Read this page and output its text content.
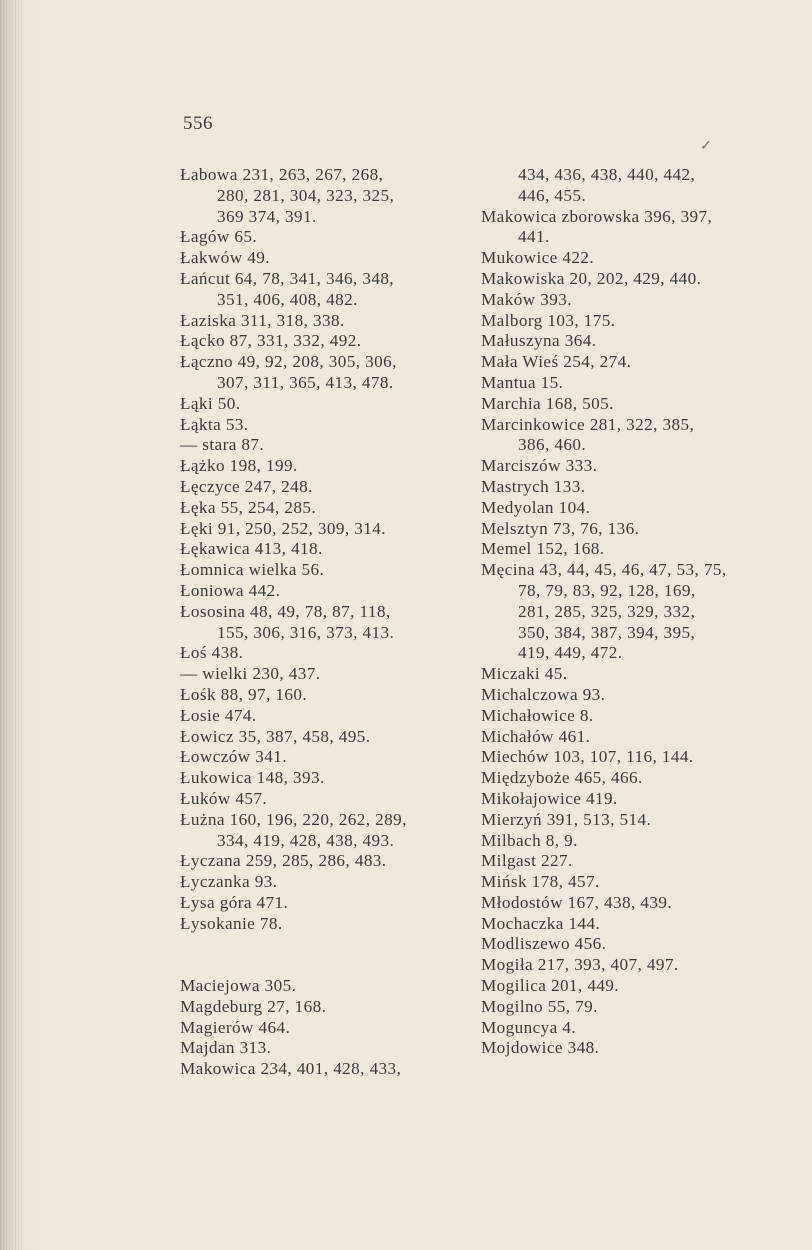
556
✓
Łabowa 231, 263, 267, 268,
280, 281, 304, 323, 325,
369 374, 391.
Łagów 65.
Łakwów 49.
Łańcut 64, 78, 341, 346, 348,
351, 406, 408, 482.
Łaziska 311, 318, 338.
Łącko 87, 331, 332, 492.
Łączno 49, 92, 208, 305, 306,
307, 311, 365, 413, 478.
Łąki 50.
Łąkta 53.
— stara 87.
Łążko 198, 199.
Łęczyce 247, 248.
Łęka 55, 254, 285.
Łęki 91, 250, 252, 309, 314.
Łękawica 413, 418.
Łomnica wielka 56.
Łoniowa 442.
Łososina 48, 49, 78, 87, 118,
155, 306, 316, 373, 413.
Łoś 438.
— wielki 230, 437.
Łośk 88, 97, 160.
Łosie 474.
Łowicz 35, 387, 458, 495.
Łowczów 341.
Łukowica 148, 393.
Łuków 457.
Łużna 160, 196, 220, 262, 289,
334, 419, 428, 438, 493.
Łyczana 259, 285, 286, 483.
Łyczanka 93.
Łysa góra 471.
Łysokanie 78.
Maciejowa 305.
Magdeburg 27, 168.
Magierów 464.
Majdan 313.
Makowica 234, 401, 428, 433,
434, 436, 438, 440, 442,
446, 455.
Makowica zborowska 396, 397,
441.
Mukowice 422.
Makowiska 20, 202, 429, 440.
Maków 393.
Malborg 103, 175.
Małuszyna 364.
Mała Wieś 254, 274.
Mantua 15.
Marchia 168, 505.
Marcinkowice 281, 322, 385,
386, 460.
Marciszów 333.
Mastrych 133.
Medyolan 104.
Melsztyn 73, 76, 136.
Memel 152, 168.
Męcina 43, 44, 45, 46, 47, 53, 75,
78, 79, 83, 92, 128, 169,
281, 285, 325, 329, 332,
350, 384, 387, 394, 395,
419, 449, 472.
Miczaki 45.
Michalczowa 93.
Michałowice 8.
Michałów 461.
Miechów 103, 107, 116, 144.
Międzyboże 465, 466.
Mikołajowice 419.
Mierzyń 391, 513, 514.
Milbach 8, 9.
Milgast 227.
Mińsk 178, 457.
Młodostów 167, 438, 439.
Mochaczka 144.
Modliszewo 456.
Mogiła 217, 393, 407, 497.
Mogilica 201, 449.
Mogilno 55, 79.
Moguncya 4.
Mojdowice 348.
